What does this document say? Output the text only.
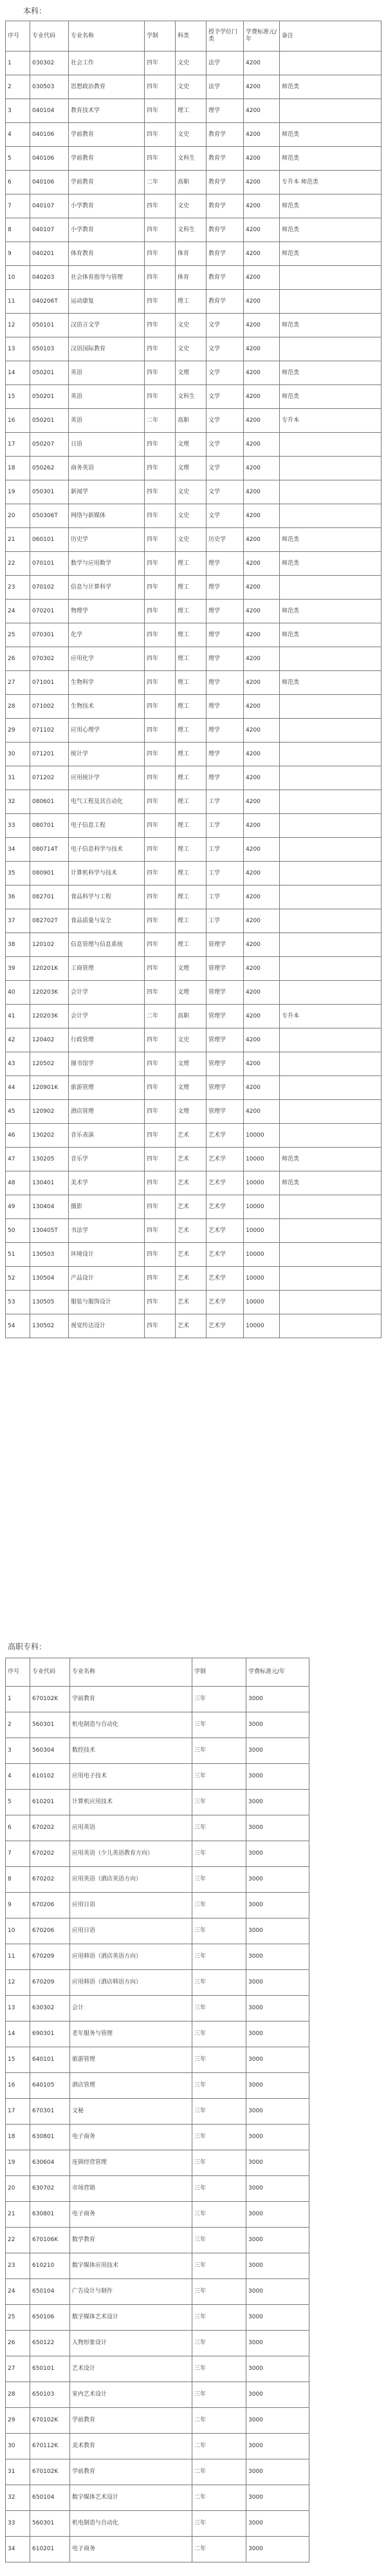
本科：
序号	专业代码	专业名称	学制	科类	授予学位门类	学费标准元/年	备注
1	030302	社会工作	四年	文史	法学	4200	
2	030503	思想政治教育	四年	文史	法学	4200	师范类
3	040104	教育技术学	四年	理工	理学	4200	
4	040106	学前教育	四年	文史	教育学	4200	师范类
5	040106	学前教育	四年	文科生	教育学	4200	师范类
6	040106	学前教育	二年	高职	教育学	4200	专升本 师范类
7	040107	小学教育	四年	文史	教育学	4200	师范类
8	040107	小学教育	四年	文科生	教育学	4200	师范类
9	040201	体育教育	四年	体育	教育学	4200	师范类
10	040203	社会体育指导与管理	四年	体育	教育学	4200	
11	040206T	运动康复	四年	理工	教育学	4200	
12	050101	汉语言文学	四年	文史	文学	4200	师范类
13	050103	汉语国际教育	四年	文史	文学	4200	
14	050201	英语	四年	文理	文学	4200	师范类
15	050201	英语	四年	文科生	文学	4200	师范类
16	050201	英语	二年	高职	文学	4200	专升本
17	050207	日语	四年	文理	文学	4200	
18	050262	商务英语	四年	文理	文学	4200	
19	050301	新闻学	四年	文史	文学	4200	
20	050306T	网络与新媒体	四年	文史	文学	4200	
21	060101	历史学	四年	文史	历史学	4200	师范类
22	070101	数学与应用数学	四年	理工	理学	4200	师范类
23	070102	信息与计算科学	四年	理工	理学	4200	
24	070201	物理学	四年	理工	理学	4200	师范类
25	070301	化学	四年	理工	理学	4200	师范类
26	070302	应用化学	四年	理工	理学	4200	
27	071001	生物科学	四年	理工	理学	4200	师范类
28	071002	生物技术	四年	理工	理学	4200	
29	071102	应用心理学	四年	理工	理学	4200	
30	071201	统计学	四年	理工	理学	4200	
31	071202	应用统计学	四年	理工	理学	4200	
32	080601	电气工程及其自动化	四年	理工	工学	4200	
33	080701	电子信息工程	四年	理工	工学	4200	
34	080714T	电子信息科学与技术	四年	理工	工学	4200	
35	080901	计算机科学与技术	四年	理工	工学	4200	
36	082701	食品科学与工程	四年	理工	工学	4200	
37	082702T	食品质量与安全	四年	理工	工学	4200	
38	120102	信息管理与信息系统	四年	理工	管理学	4200	
39	120201K	工商管理	四年	文理	管理学	4200	
40	120203K	会计学	四年	文理	管理学	4200	
41	120203K	会计学	二年	高职	管理学	4200	专升本
42	120402	行政管理	四年	文史	管理学	4200	
43	120502	图书馆学	四年	文理	管理学	4200	
44	120901K	旅游管理	四年	文理	管理学	4200	
45	120902	酒店管理	四年	文理	管理学	4200	
46	130202	音乐表演	四年	艺术	艺术学	10000	
47	130205	音乐学	四年	艺术	艺术学	10000	师范类
48	130401	美术学	四年	艺术	艺术学	10000	师范类
49	130404	摄影	四年	艺术	艺术学	10000	
50	130405T	书法学	四年	艺术	艺术学	10000	
51	130503	环境设计	四年	艺术	艺术学	10000	
52	130504	产品设计	四年	艺术	艺术学	10000	
53	130505	服装与服饰设计	四年	艺术	艺术学	10000	
54	130502	视觉传达设计	四年	艺术	艺术学	10000	
高职专科：
序号	专业代码	专业名称	学制	学费标准元/年
1	670102K	学前教育	三年	3000
2	560301	机电制造与自动化	三年	3000
3	560304	数控技术	三年	3000
4	610102	应用电子技术	三年	3000
5	610201	计算机应用技术	三年	3000
6	670202	应用英语	三年	3000
7	670202	应用英语（少儿英语教育方向）	三年	3000
8	670202	应用英语（酒店英语方向）	三年	3000
9	670206	应用日语	三年	3000
10	670206	应用日语	三年	3000
11	670209	应用韩语（酒店英语方向）	三年	3000
12	670209	应用韩语（酒店韩语方向）	三年	3000
13	630302	会计	三年	3000
14	690301	老年服务与管理	三年	3000
15	640101	旅游管理	三年	3000
16	640105	酒店管理	三年	3000
17	670301	文秘	三年	3000
18	630801	电子商务	三年	3000
19	630604	连锁经营管理	三年	3000
20	630702	市场营销	三年	3000
21	630801	电子商务	三年	3000
22	670106K	数学教育	三年	3000
23	610210	数字媒体应用技术	三年	3000
24	650104	广告设计与制作	三年	3000
25	650106	数字媒体艺术设计	三年	3000
26	650122	人物形象设计	三年	3000
27	650101	艺术设计	三年	3000
28	650103	室内艺术设计	三年	3000
29	670102K	学前教育	二年	3000
30	670112K	美术教育	二年	3000
31	670102K	学前教育	二年	3000
32	650104	数字媒体艺术设计	二年	3000
33	560301	机电制造与自动化	三年	3000
34	610201	电子商务	二年	3000
